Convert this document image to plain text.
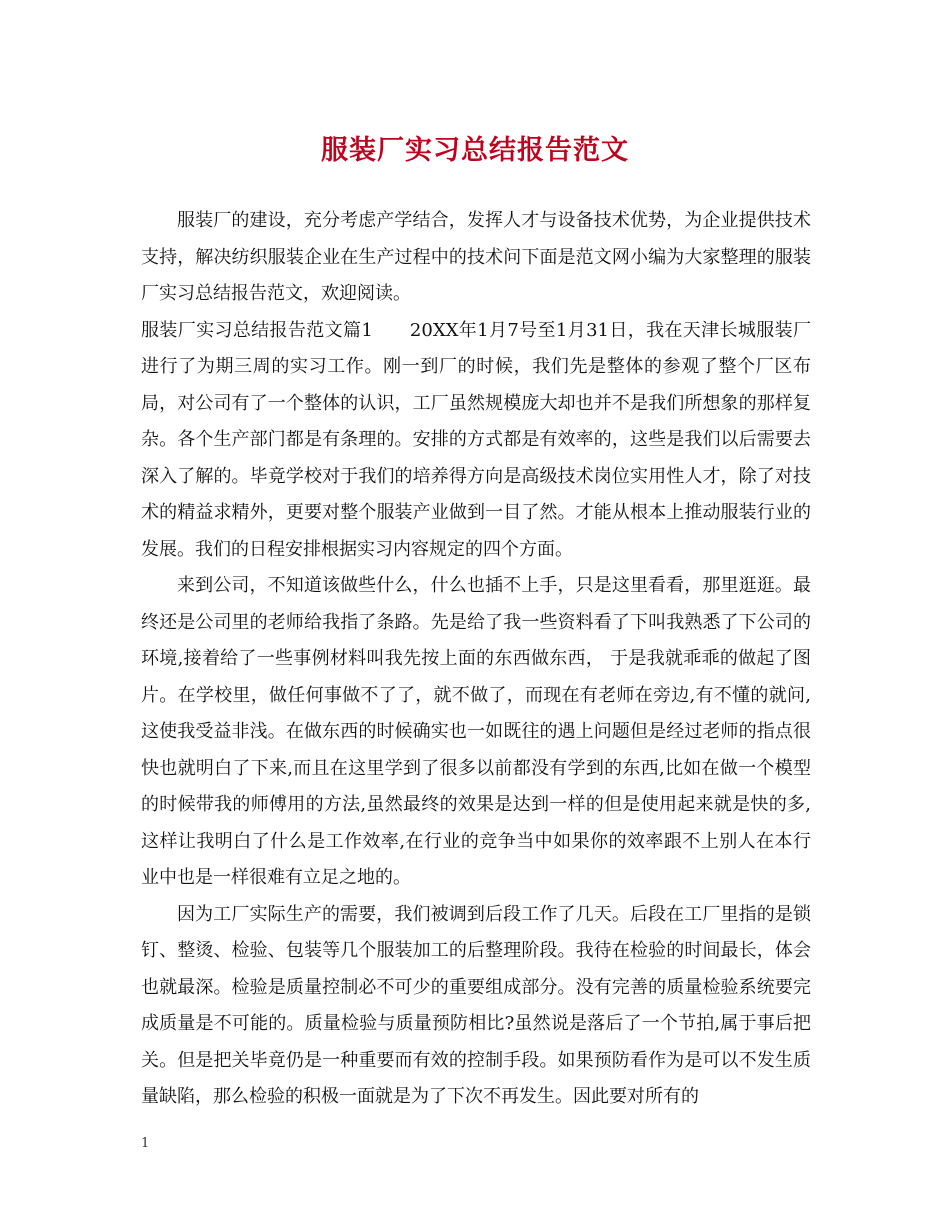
服装厂实习总结报告范文

服装厂的建设，充分考虑产学结合，发挥人才与设备技术优势，为企业提供技术支持，解决纺织服装企业在生产过程中的技术问下面是范文网小编为大家整理的服装厂实习总结报告范文，欢迎阅读。

服装厂实习总结报告范文篇1　　20XX年1月7号至1月31日，我在天津长城服装厂进行了为期三周的实习工作。刚一到厂的时候，我们先是整体的参观了整个厂区布局，对公司有了一个整体的认识，工厂虽然规模庞大却也并不是我们所想象的那样复杂。各个生产部门都是有条理的。安排的方式都是有效率的，这些是我们以后需要去深入了解的。毕竟学校对于我们的培养得方向是高级技术岗位实用性人才，除了对技术的精益求精外，更要对整个服装产业做到一目了然。才能从根本上推动服装行业的发展。我们的日程安排根据实习内容规定的四个方面。

来到公司，不知道该做些什么，什么也插不上手，只是这里看看，那里逛逛。最终还是公司里的老师给我指了条路。先是给了我一些资料看了下叫我熟悉了下公司的环境,接着给了一些事例材料叫我先按上面的东西做东西， 于是我就乖乖的做起了图片。在学校里，做任何事做不了了，就不做了，而现在有老师在旁边,有不懂的就问,这使我受益非浅。在做东西的时候确实也一如既往的遇上问题但是经过老师的指点很快也就明白了下来,而且在这里学到了很多以前都没有学到的东西,比如在做一个模型的时候带我的师傅用的方法,虽然最终的效果是达到一样的但是使用起来就是快的多,这样让我明白了什么是工作效率,在行业的竞争当中如果你的效率跟不上别人在本行业中也是一样很难有立足之地的。

因为工厂实际生产的需要，我们被调到后段工作了几天。后段在工厂里指的是锁钉、整烫、检验、包装等几个服装加工的后整理阶段。我待在检验的时间最长，体会也就最深。检验是质量控制必不可少的重要组成部分。没有完善的质量检验系统要完成质量是不可能的。质量检验与质量预防相比?虽然说是落后了一个节拍,属于事后把关。但是把关毕竟仍是一种重要而有效的控制手段。如果预防看作为是可以不发生质量缺陷，那么检验的积极一面就是为了下次不再发生。因此要对所有的

1
